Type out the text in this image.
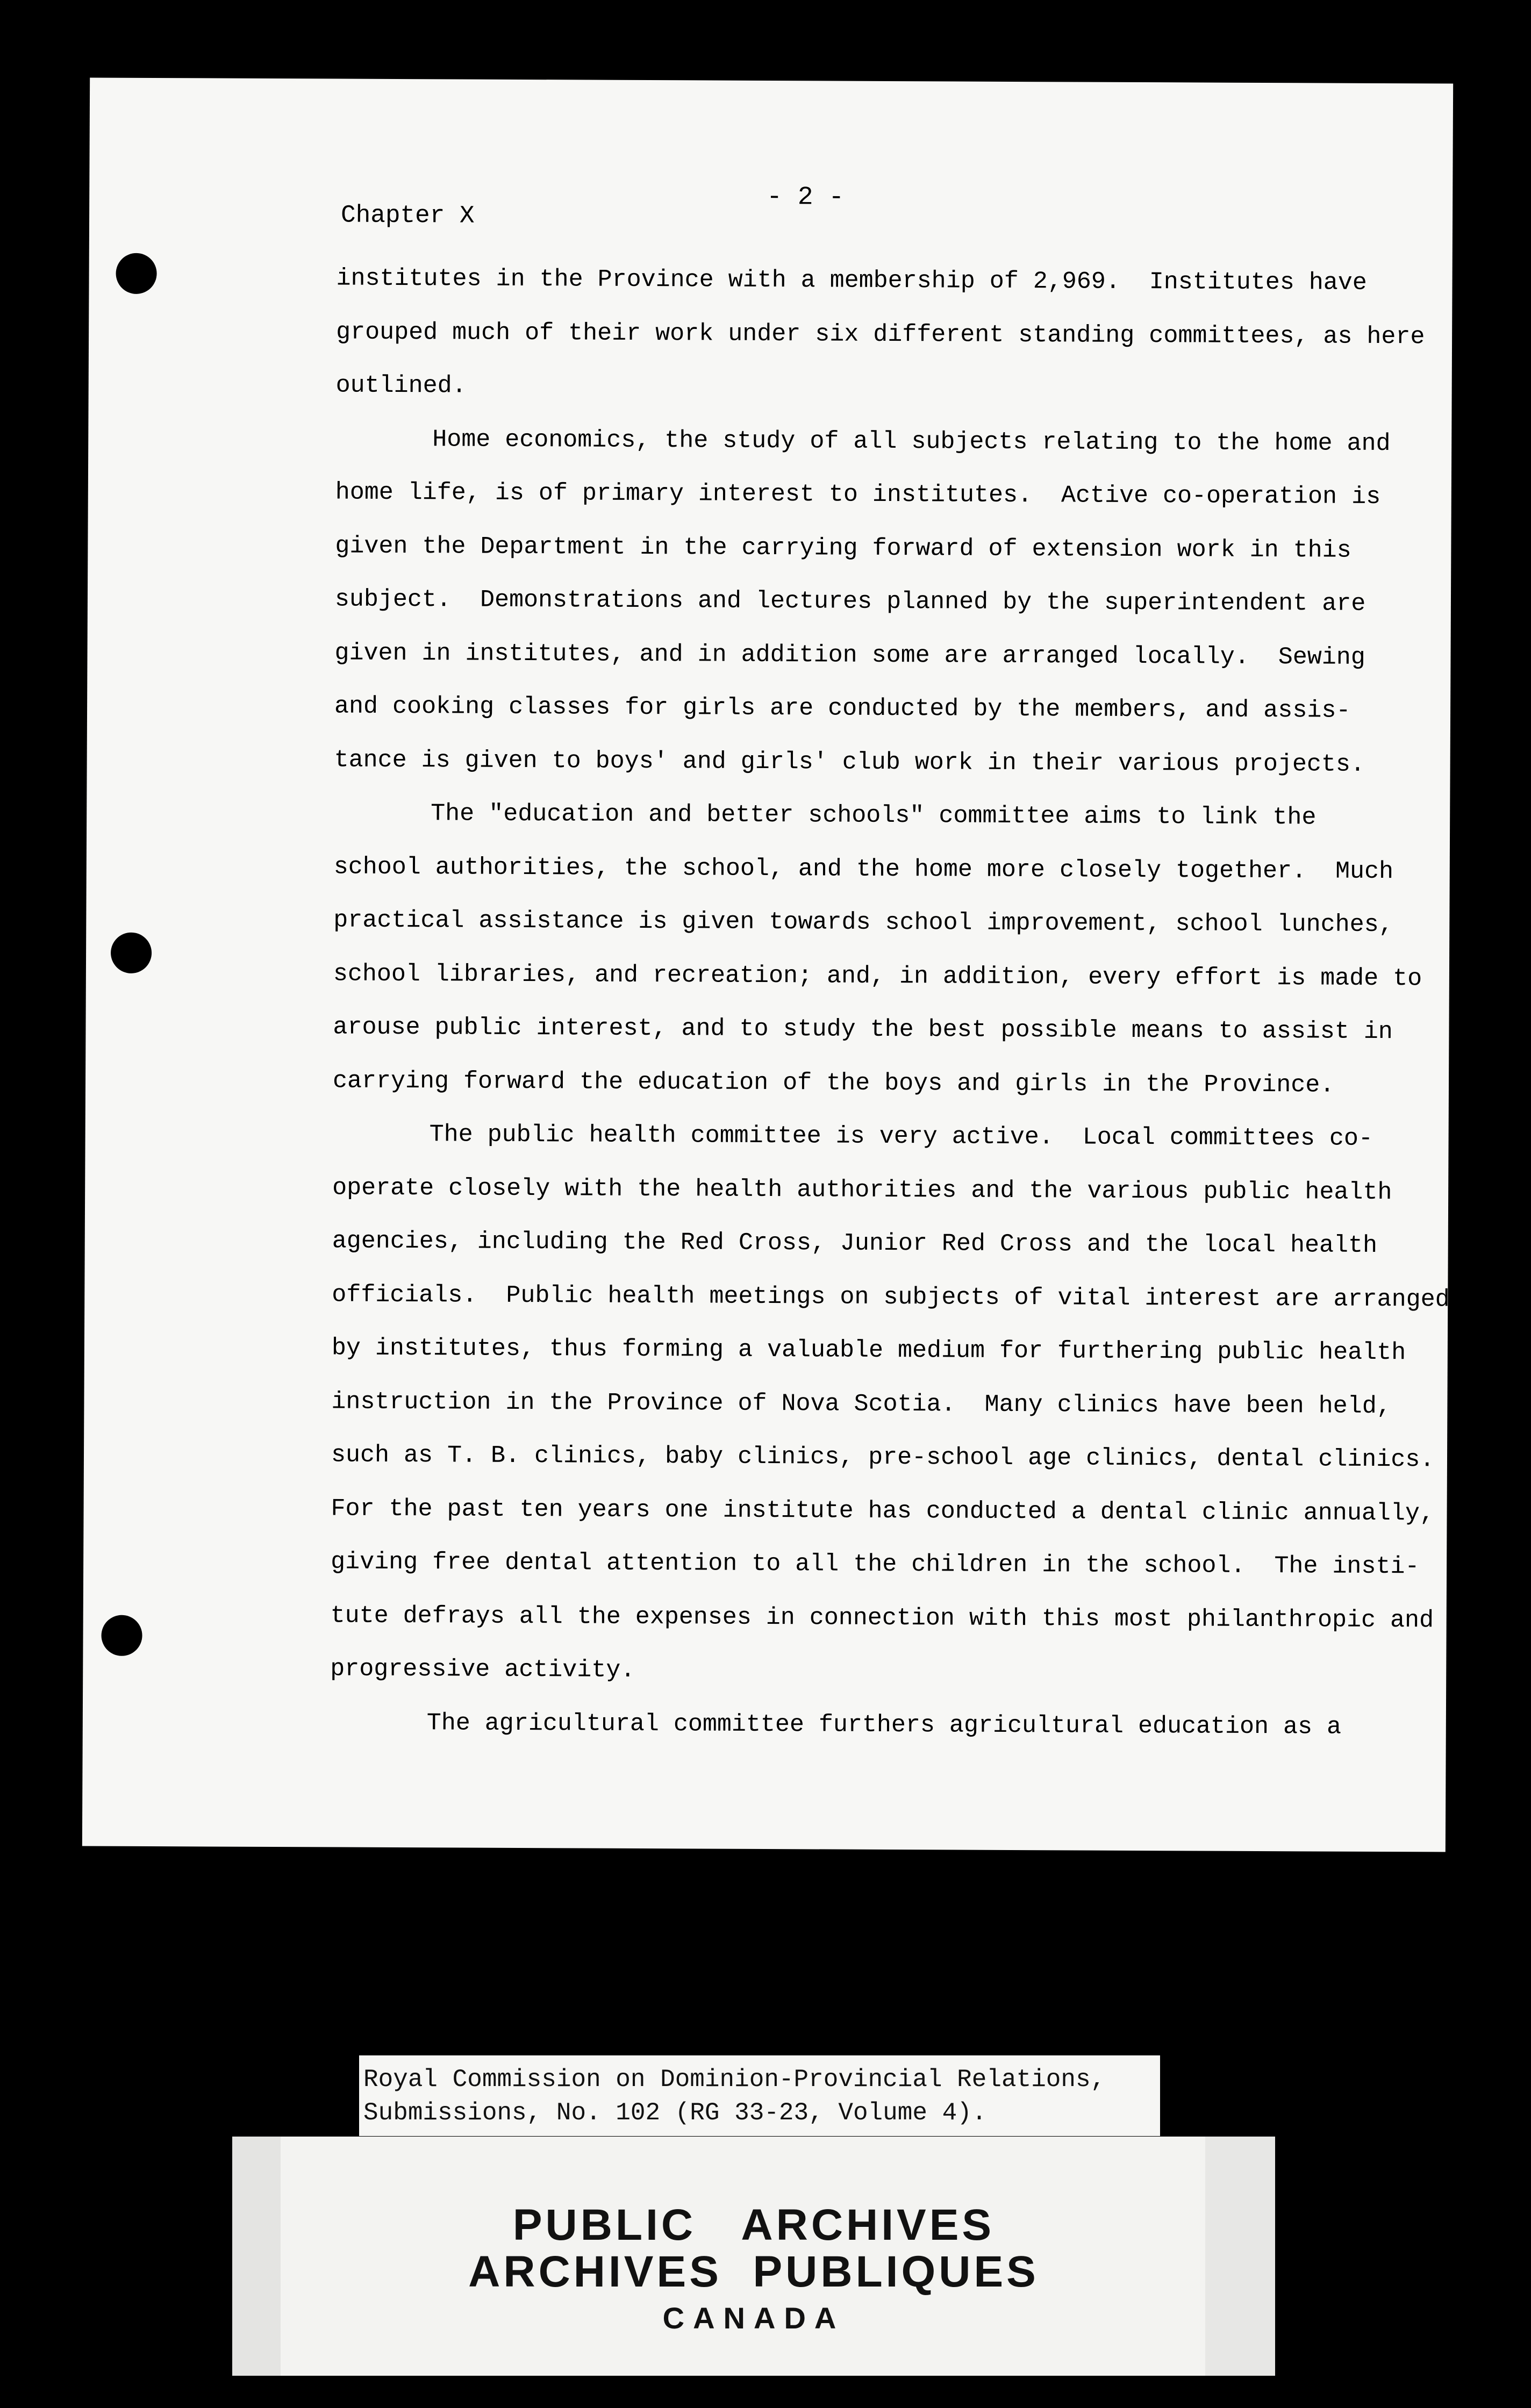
- 2 -
Chapter X
institutes in the Province with a membership of 2,969.  Institutes have
grouped much of their work under six different standing committees, as here
outlined.
Home economics, the study of all subjects relating to the home and
home life, is of primary interest to institutes.  Active co-operation is
given the Department in the carrying forward of extension work in this
subject.  Demonstrations and lectures planned by the superintendent are
given in institutes, and in addition some are arranged locally.  Sewing
and cooking classes for girls are conducted by the members, and assis-
tance is given to boys' and girls' club work in their various projects.
The "education and better schools" committee aims to link the
school authorities, the school, and the home more closely together.  Much
practical assistance is given towards school improvement, school lunches,
school libraries, and recreation; and, in addition, every effort is made to
arouse public interest, and to study the best possible means to assist in
carrying forward the education of the boys and girls in the Province.
The public health committee is very active.  Local committees co-
operate closely with the health authorities and the various public health
agencies, including the Red Cross, Junior Red Cross and the local health
officials.  Public health meetings on subjects of vital interest are arranged
by institutes, thus forming a valuable medium for furthering public health
instruction in the Province of Nova Scotia.  Many clinics have been held,
such as T. B. clinics, baby clinics, pre-school age clinics, dental clinics.
For the past ten years one institute has conducted a dental clinic annually,
giving free dental attention to all the children in the school.  The insti-
tute defrays all the expenses in connection with this most philanthropic and
progressive activity.
The agricultural committee furthers agricultural education as a
Royal Commission on Dominion-Provincial Relations,
Submissions, No. 102 (RG 33-23, Volume 4).
PUBLIC   ARCHIVES
ARCHIVES  PUBLIQUES
CANADA
